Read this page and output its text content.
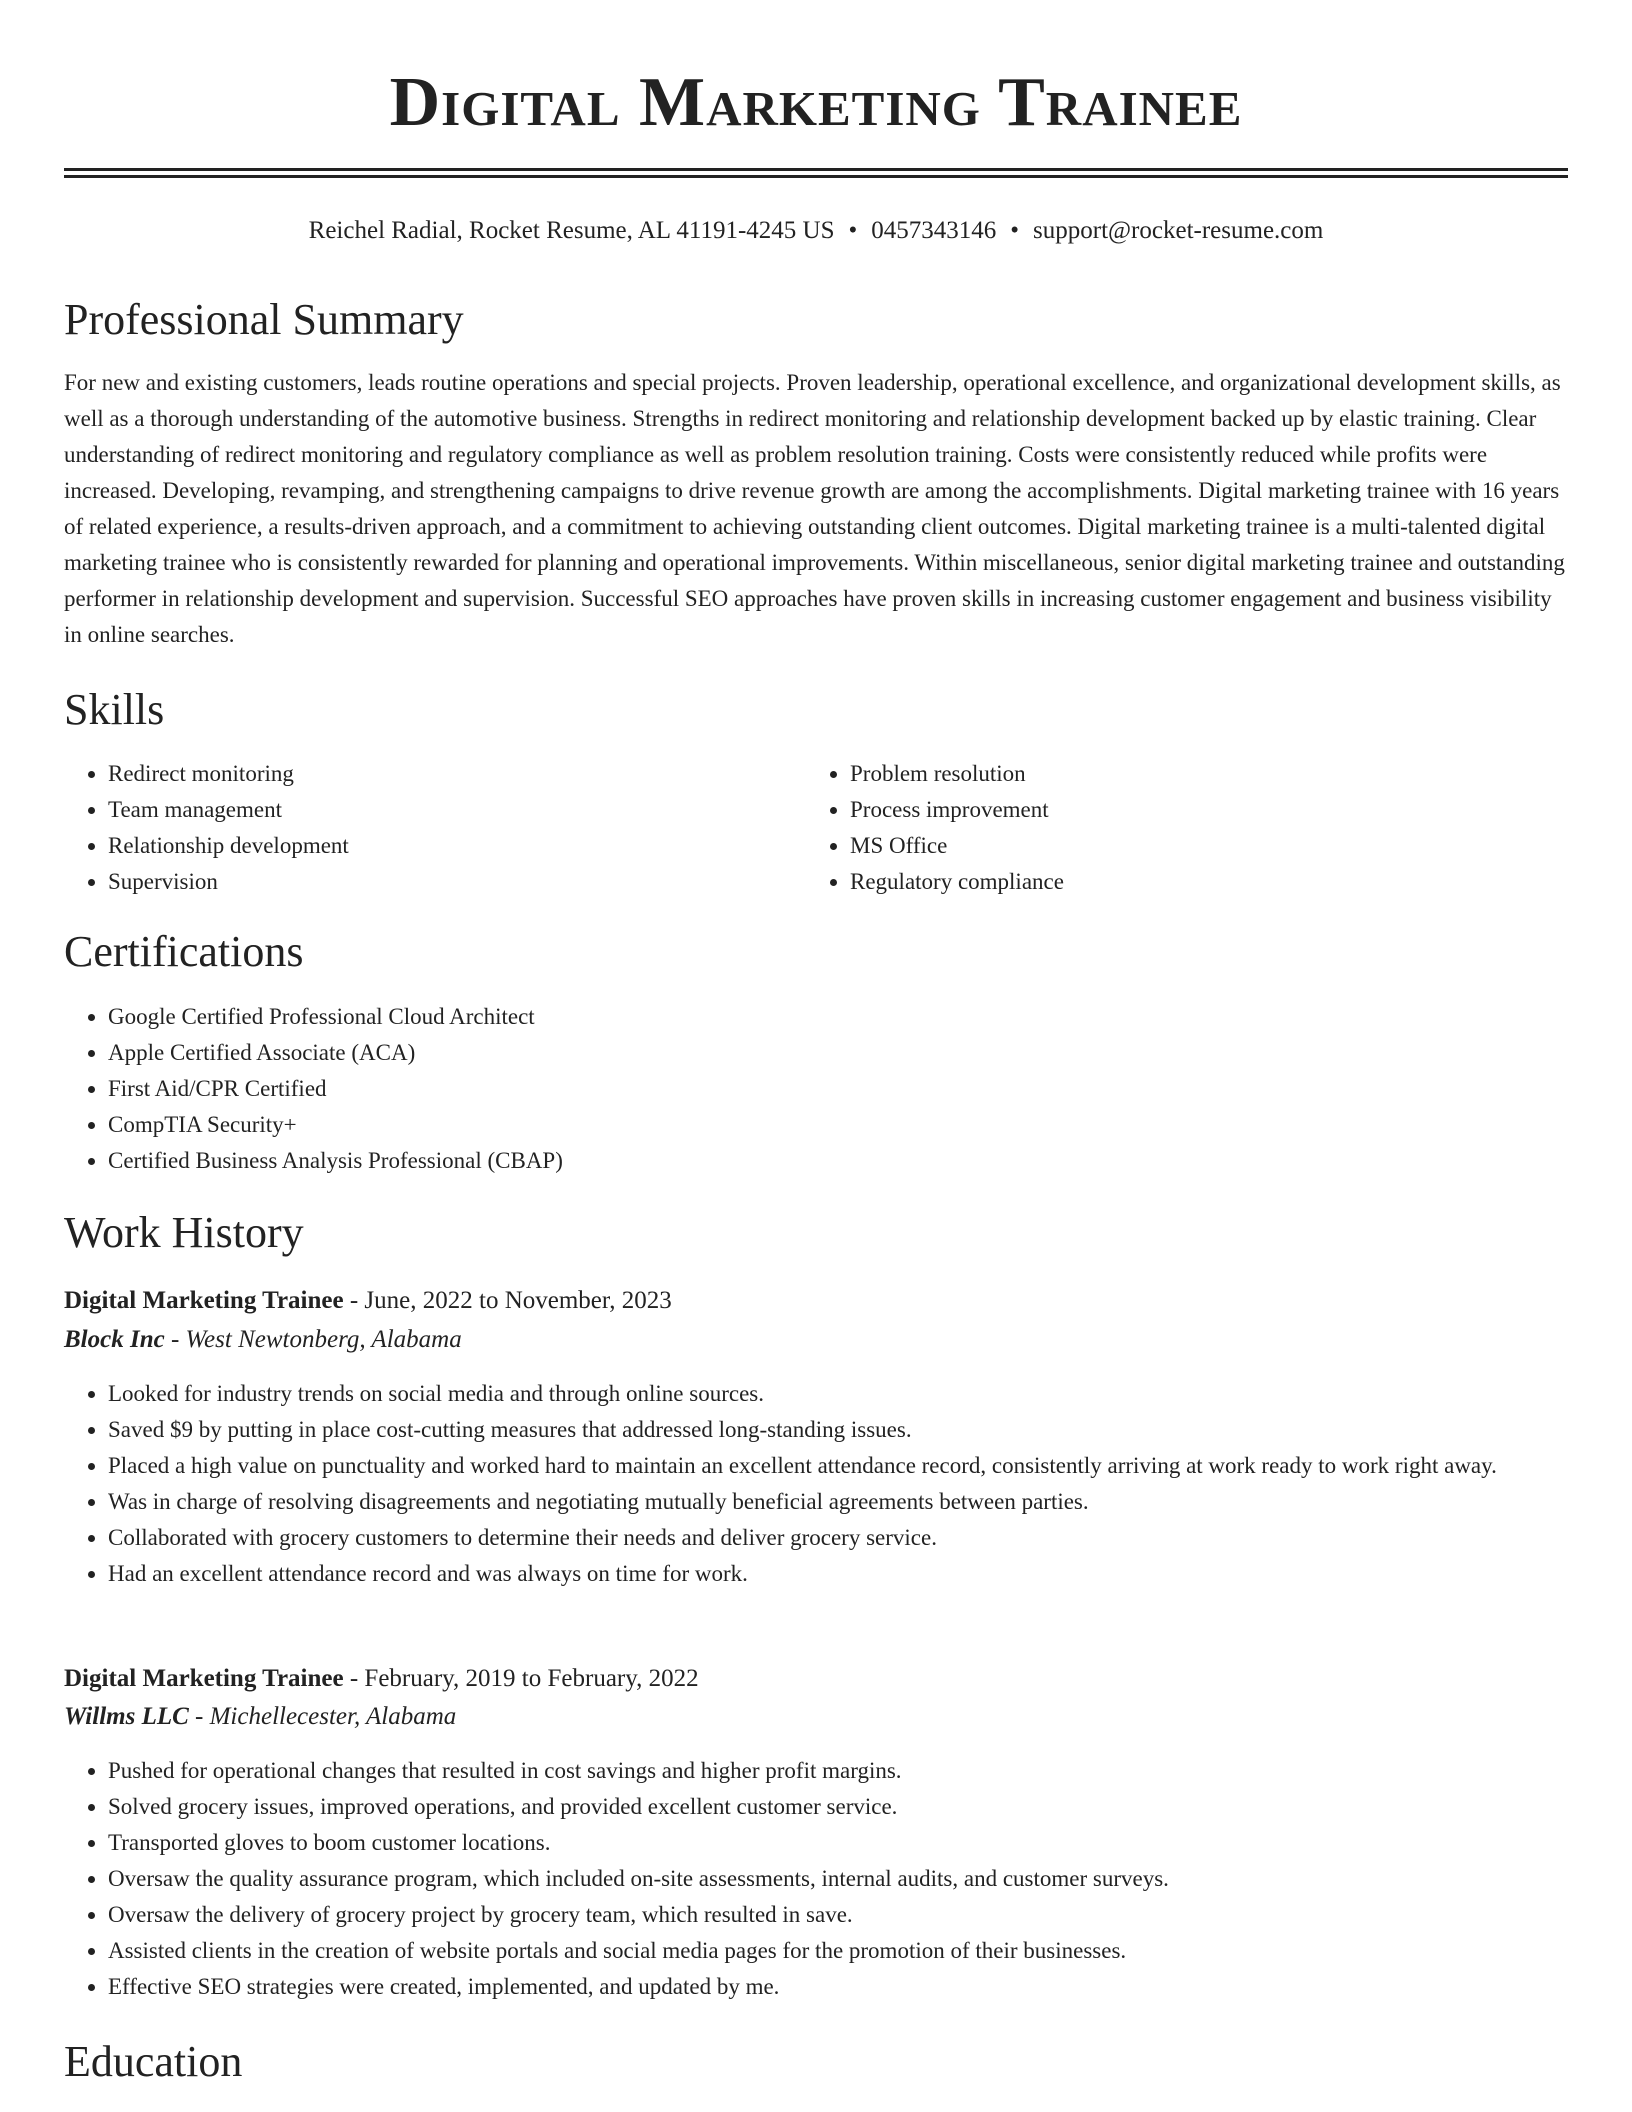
Digital Marketing Trainee
Reichel Radial, Rocket Resume, AL 41191-4245 US • 0457343146 • support@rocket-resume.com
Professional Summary

For new and existing customers, leads routine operations and special projects. Proven leadership, operational excellence, and organizational development skills, as well as a thorough understanding of the automotive business. Strengths in redirect monitoring and relationship development backed up by elastic training. Clear understanding of redirect monitoring and regulatory compliance as well as problem resolution training. Costs were consistently reduced while profits were increased. Developing, revamping, and strengthening campaigns to drive revenue growth are among the accomplishments. Digital marketing trainee with 16 years of related experience, a results-driven approach, and a commitment to achieving outstanding client outcomes. Digital marketing trainee is a multi-talented digital marketing trainee who is consistently rewarded for planning and operational improvements. Within miscellaneous, senior digital marketing trainee and outstanding performer in relationship development and supervision. Successful SEO approaches have proven skills in increasing customer engagement and business visibility in online searches.

Skills
• Redirect monitoring
• Team management
• Relationship development
• Supervision
• Problem resolution
• Process improvement
• MS Office
• Regulatory compliance
Certifications
• Google Certified Professional Cloud Architect
• Apple Certified Associate (ACA)
• First Aid/CPR Certified
• CompTIA Security+
• Certified Business Analysis Professional (CBAP)
Work History
Digital Marketing Trainee - June, 2022 to November, 2023
Block Inc - West Newtonberg, Alabama
• Looked for industry trends on social media and through online sources.
• Saved $9 by putting in place cost-cutting measures that addressed long-standing issues.
• Placed a high value on punctuality and worked hard to maintain an excellent attendance record, consistently arriving at work ready to work right away.
• Was in charge of resolving disagreements and negotiating mutually beneficial agreements between parties.
• Collaborated with grocery customers to determine their needs and deliver grocery service.
• Had an excellent attendance record and was always on time for work.
Digital Marketing Trainee - February, 2019 to February, 2022
Willms LLC - Michellecester, Alabama
• Pushed for operational changes that resulted in cost savings and higher profit margins.
• Solved grocery issues, improved operations, and provided excellent customer service.
• Transported gloves to boom customer locations.
• Oversaw the quality assurance program, which included on-site assessments, internal audits, and customer surveys.
• Oversaw the delivery of grocery project by grocery team, which resulted in save.
• Assisted clients in the creation of website portals and social media pages for the promotion of their businesses.
• Effective SEO strategies were created, implemented, and updated by me.
Education
